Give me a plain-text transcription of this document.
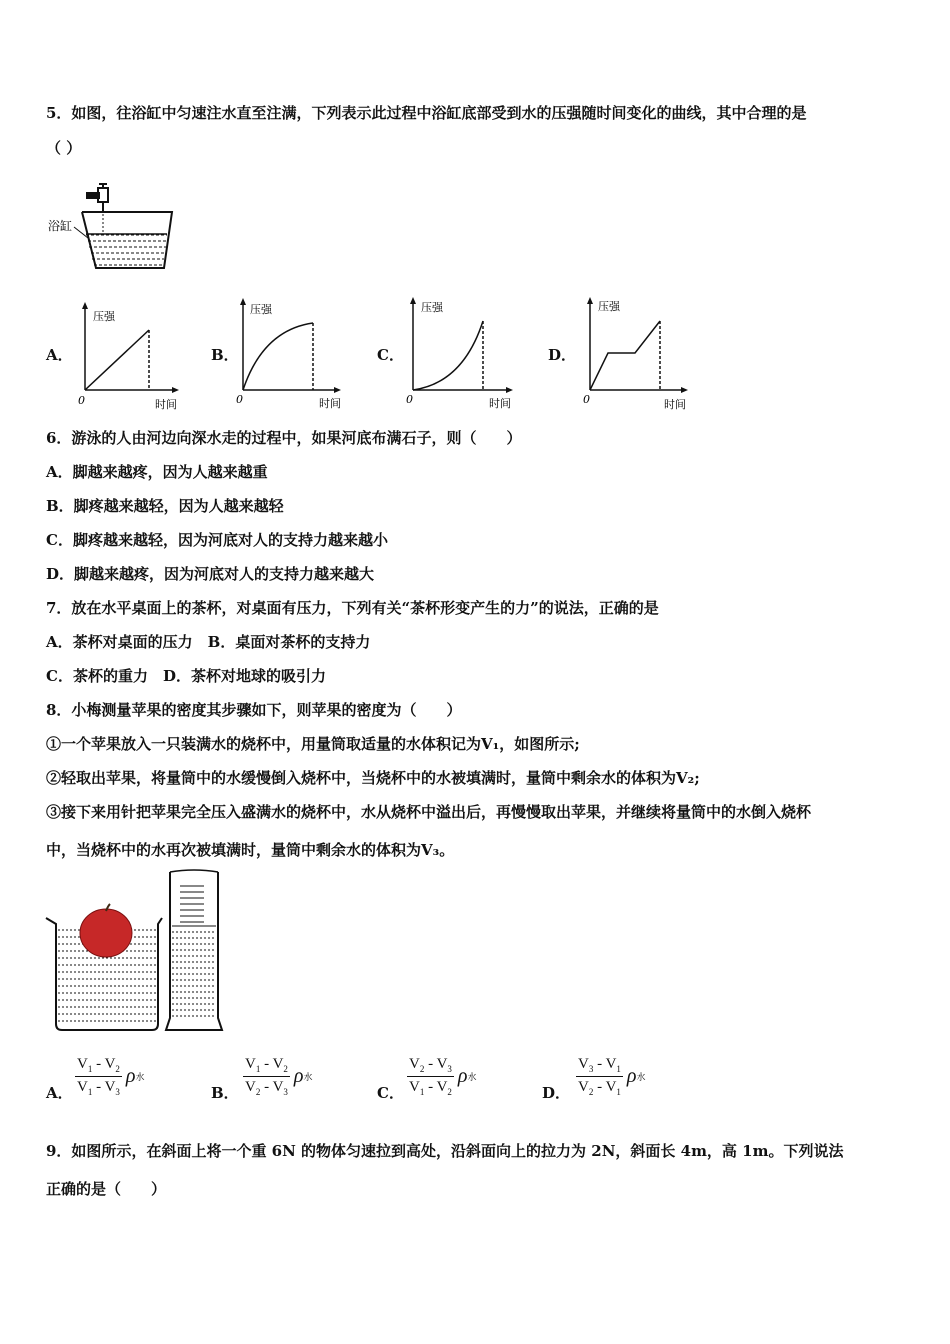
5．如图，往浴缸中匀速注水直至注满，下列表示此过程中浴缸底部受到水的压强随时间变化的曲线，其中合理的是
（ ）
浴缸
A．
压强
时间
0
B．
压强
时间
0
C．
压强
时间
0
D．
压强
时间
0
6．游泳的人由河边向深水走的过程中，如果河底布满石子，则（　　）
A．脚越来越疼，因为人越来越重
B．脚疼越来越轻，因为人越来越轻
C．脚疼越来越轻，因为河底对人的支持力越来越小
D．脚越来越疼，因为河底对人的支持力越来越大
7．放在水平桌面上的茶杯，对桌面有压力，下列有关“茶杯形变产生的力”的说法，正确的是
A．茶杯对桌面的压力　B．桌面对茶杯的支持力
C．茶杯的重力　D．茶杯对地球的吸引力
8．小梅测量苹果的密度其步骤如下，则苹果的密度为（　　）
①一个苹果放入一只装满水的烧杯中，用量筒取适量的水体积记为V₁，如图所示;
②轻取出苹果，将量筒中的水缓慢倒入烧杯中，当烧杯中的水被填满时，量筒中剩余水的体积为V₂;
③接下来用针把苹果完全压入盛满水的烧杯中，水从烧杯中溢出后，再慢慢取出苹果，并继续将量筒中的水倒入烧杯
中，当烧杯中的水再次被填满时，量筒中剩余水的体积为V₃。
A． $\frac{V_1 - V_2}{V_1 - V_3}$ ρ 水
B． $\frac{V_1 - V_2}{V_2 - V_3}$ ρ 水
C． $\frac{V_2 - V_3}{V_1 - V_2}$ ρ 水
D． $\frac{V_3 - V_1}{V_2 - V_1}$ ρ 水
9．如图所示，在斜面上将一个重 6N 的物体匀速拉到高处，沿斜面向上的拉力为 2N，斜面长 4m，高 1m。下列说法
正确的是（　　）
